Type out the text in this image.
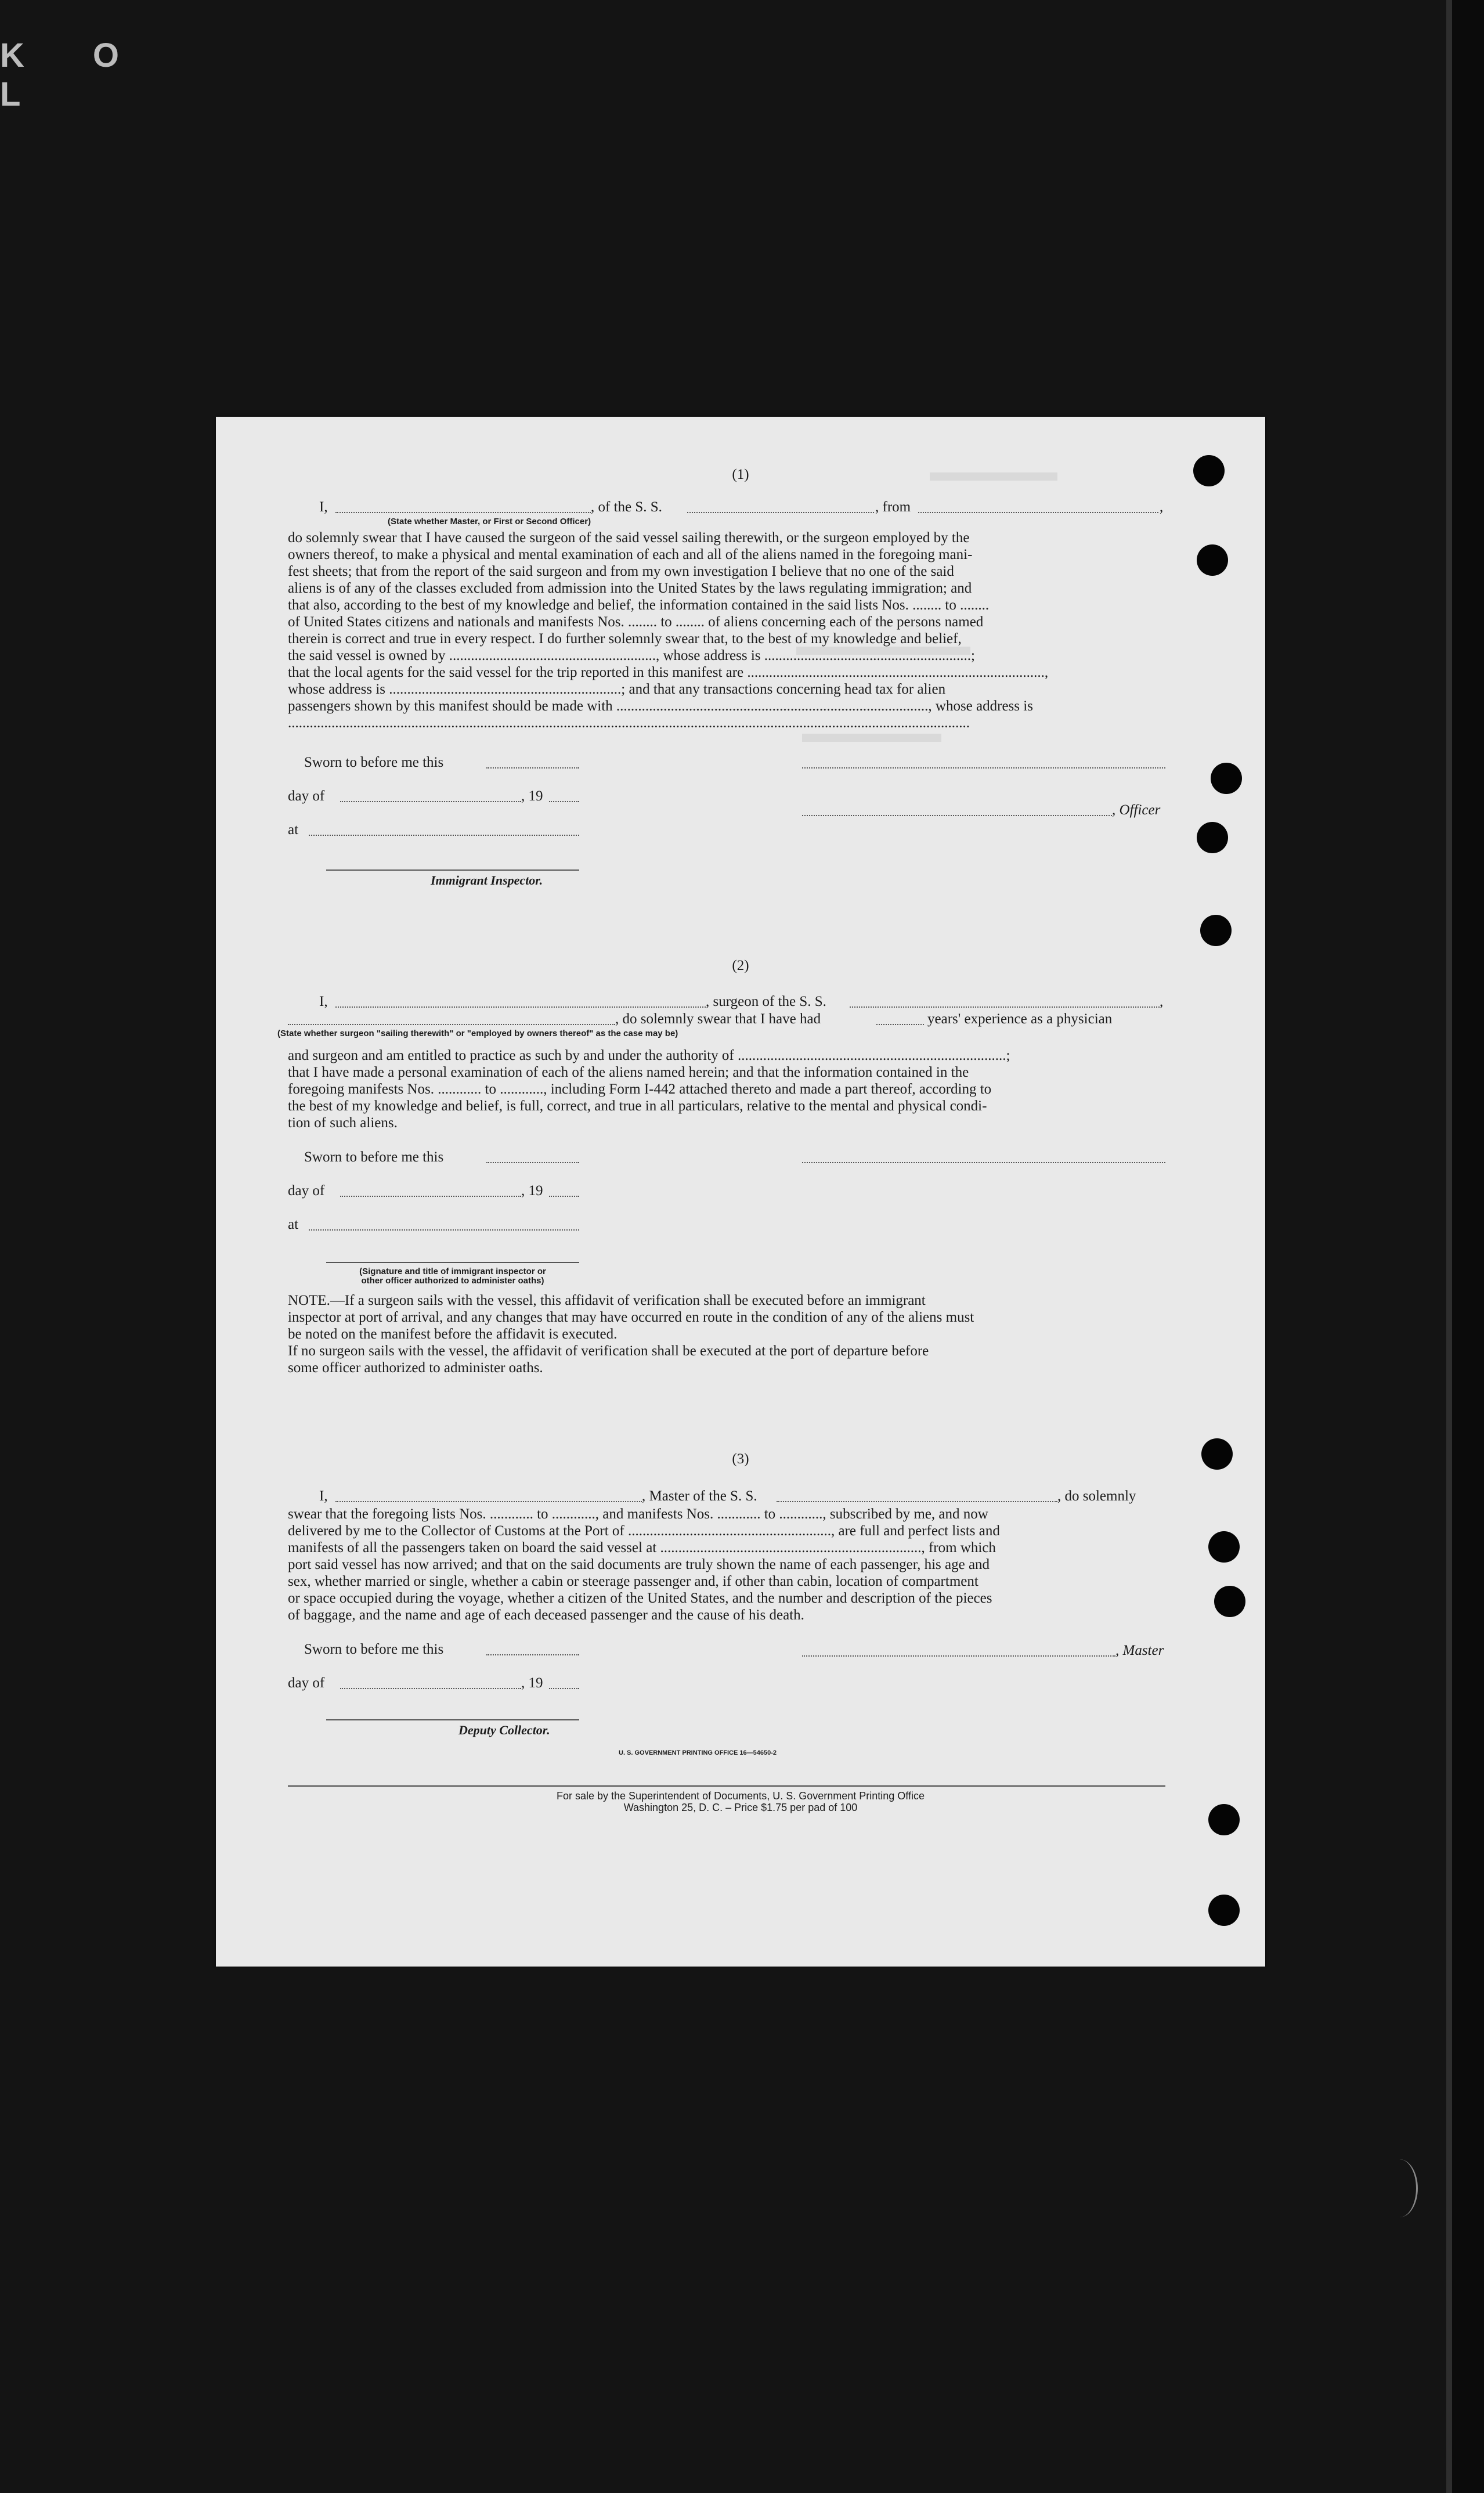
KOL
(1)
I,	, of the S. S.	, from	,
(State whether Master, or First or Second Officer)
do solemnly swear that I have caused the surgeon of the said vessel sailing therewith, or the surgeon employed by the
owners thereof, to make a physical and mental examination of each and all of the aliens named in the foregoing mani-
fest sheets; that from the report of the said surgeon and from my own investigation I believe that no one of the said
aliens is of any of the classes excluded from admission into the United States by the laws regulating immigration; and
that also, according to the best of my knowledge and belief, the information contained in the said lists Nos. ........ to ........
of United States citizens and nationals and manifests Nos. ........ to ........ of aliens concerning each of the persons named
therein is correct and true in every respect. I do further solemnly swear that, to the best of my knowledge and belief,
the said vessel is owned by ........................................................., whose address is .........................................................;
that the local agents for the said vessel for the trip reported in this manifest are ..................................................................................,
whose address is ................................................................; and that any transactions concerning head tax for alien
passengers shown by this manifest should be made with ......................................................................................, whose address is
............................................................................................................................................................................................
Sworn to before me this
day of	, 19
, Officer
at
Immigrant Inspector.
(2)
I,	, surgeon of the S. S.	,
, do solemnly swear that I have had	years' experience as a physician
(State whether surgeon "sailing therewith" or "employed by owners thereof" as the case may be)
and surgeon and am entitled to practice as such by and under the authority of ..........................................................................;
that I have made a personal examination of each of the aliens named herein; and that the information contained in the
foregoing manifests Nos. ............ to ............, including Form I-442 attached thereto and made a part thereof, according to
the best of my knowledge and belief, is full, correct, and true in all particulars, relative to the mental and physical condi-
tion of such aliens.
Sworn to before me this
day of	, 19
at
(Signature and title of immigrant inspector or
other officer authorized to administer oaths)
NOTE.—If a surgeon sails with the vessel, this affidavit of verification shall be executed before an immigrant
inspector at port of arrival, and any changes that may have occurred en route in the condition of any of the aliens must
be noted on the manifest before the affidavit is executed.
If no surgeon sails with the vessel, the affidavit of verification shall be executed at the port of departure before
some officer authorized to administer oaths.
(3)
I,	, Master of the S. S.	, do solemnly
swear that the foregoing lists Nos. ............ to ............, and manifests Nos. ............ to ............, subscribed by me, and now
delivered by me to the Collector of Customs at the Port of ........................................................, are full and perfect lists and
manifests of all the passengers taken on board the said vessel at ........................................................................, from which
port said vessel has now arrived; and that on the said documents are truly shown the name of each passenger, his age and
sex, whether married or single, whether a cabin or steerage passenger and, if other than cabin, location of compartment
or space occupied during the voyage, whether a citizen of the United States, and the number and description of the pieces
of baggage, and the name and age of each deceased passenger and the cause of his death.
Sworn to before me this	, Master
day of	, 19
Deputy Collector.
U. S. GOVERNMENT PRINTING OFFICE 16—54650-2
For sale by the Superintendent of Documents, U. S. Government Printing Office
Washington 25, D. C. – Price $1.75 per pad of 100
